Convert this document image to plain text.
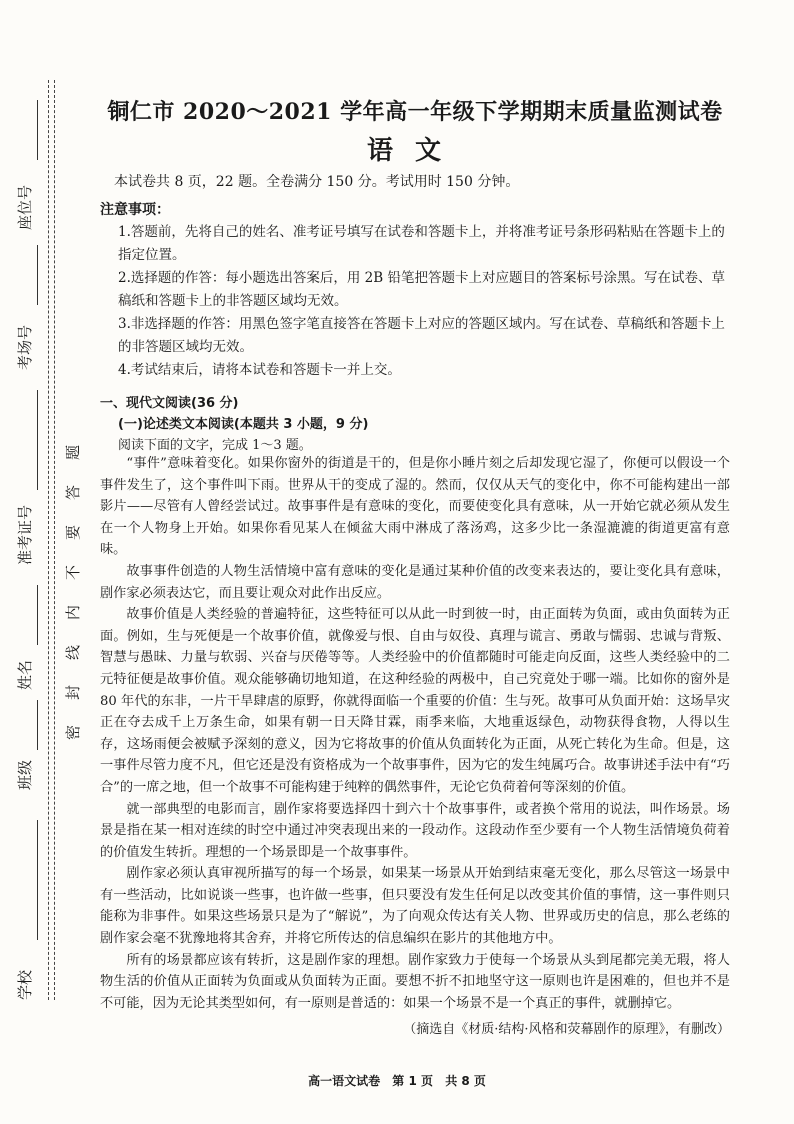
座位号
考场号
准考证号
姓名
班级
学校
题
答
要
不
内
线
封
密
铜仁市 2020～2021 学年高一年级下学期期末质量监测试卷
语文
本试卷共 8 页，22 题。全卷满分 150 分。考试用时 150 分钟。
注意事项：

1.答题前，先将自己的姓名、准考证号填写在试卷和答题卡上，并将准考证号条形码粘贴在答题卡上的指定位置。

2.选择题的作答：每小题选出答案后，用 2B 铅笔把答题卡上对应题目的答案标号涂黑。写在试卷、草稿纸和答题卡上的非答题区域均无效。

3.非选择题的作答：用黑色签字笔直接答在答题卡上对应的答题区域内。写在试卷、草稿纸和答题卡上的非答题区域均无效。

4.考试结束后，请将本试卷和答题卡一并上交。

一、现代文阅读(36 分)
(一)论述类文本阅读(本题共 3 小题，9 分)
阅读下面的文字，完成 1～3 题。

“事件”意味着变化。如果你窗外的街道是干的，但是你小睡片刻之后却发现它湿了，你便可以假设一个事件发生了，这个事件叫下雨。世界从干的变成了湿的。然而，仅仅从天气的变化中，你不可能构建出一部影片——尽管有人曾经尝试过。故事事件是有意味的变化，而要使变化具有意味，从一开始它就必须从发生在一个人物身上开始。如果你看见某人在倾盆大雨中淋成了落汤鸡，这多少比一条湿漉漉的街道更富有意味。

故事事件创造的人物生活情境中富有意味的变化是通过某种价值的改变来表达的，要让变化具有意味，剧作家必须表达它，而且要让观众对此作出反应。

故事价值是人类经验的普遍特征，这些特征可以从此一时到彼一时，由正面转为负面，或由负面转为正面。例如，生与死便是一个故事价值，就像爱与恨、自由与奴役、真理与谎言、勇敢与懦弱、忠诚与背叛、智慧与愚昧、力量与软弱、兴奋与厌倦等等。人类经验中的价值都随时可能走向反面，这些人类经验中的二元特征便是故事价值。观众能够确切地知道，在这种经验的两极中，自己究竟处于哪一端。比如你的窗外是 80 年代的东非，一片干旱肆虐的原野，你就得面临一个重要的价值：生与死。故事可从负面开始：这场旱灾正在夺去成千上万条生命，如果有朝一日天降甘霖，雨季来临，大地重返绿色，动物获得食物，人得以生存，这场雨便会被赋予深刻的意义，因为它将故事的价值从负面转化为正面，从死亡转化为生命。但是，这一事件尽管力度不凡，但它还是没有资格成为一个故事事件，因为它的发生纯属巧合。故事讲述手法中有“巧合”的一席之地，但一个故事不可能构建于纯粹的偶然事件，无论它负荷着何等深刻的价值。

就一部典型的电影而言，剧作家将要选择四十到六十个故事事件，或者换个常用的说法，叫作场景。场景是指在某一相对连续的时空中通过冲突表现出来的一段动作。这段动作至少要有一个人物生活情境负荷着的价值发生转折。理想的一个场景即是一个故事事件。

剧作家必须认真审视所描写的每一个场景，如果某一场景从开始到结束毫无变化，那么尽管这一场景中有一些活动，比如说谈一些事，也许做一些事，但只要没有发生任何足以改变其价值的事情，这一事件则只能称为非事件。如果这些场景只是为了“解说”，为了向观众传达有关人物、世界或历史的信息，那么老练的剧作家会毫不犹豫地将其舍弃，并将它所传达的信息编织在影片的其他地方中。

所有的场景都应该有转折，这是剧作家的理想。剧作家致力于使每一个场景从头到尾都完美无瑕，将人物生活的价值从正面转为负面或从负面转为正面。要想不折不扣地坚守这一原则也许是困难的，但也并不是不可能，因为无论其类型如何，有一原则是普适的：如果一个场景不是一个真正的事件，就删掉它。

（摘选自《材质·结构·风格和荧幕剧作的原理》，有删改）
高一语文试卷 第 1 页 共 8 页
